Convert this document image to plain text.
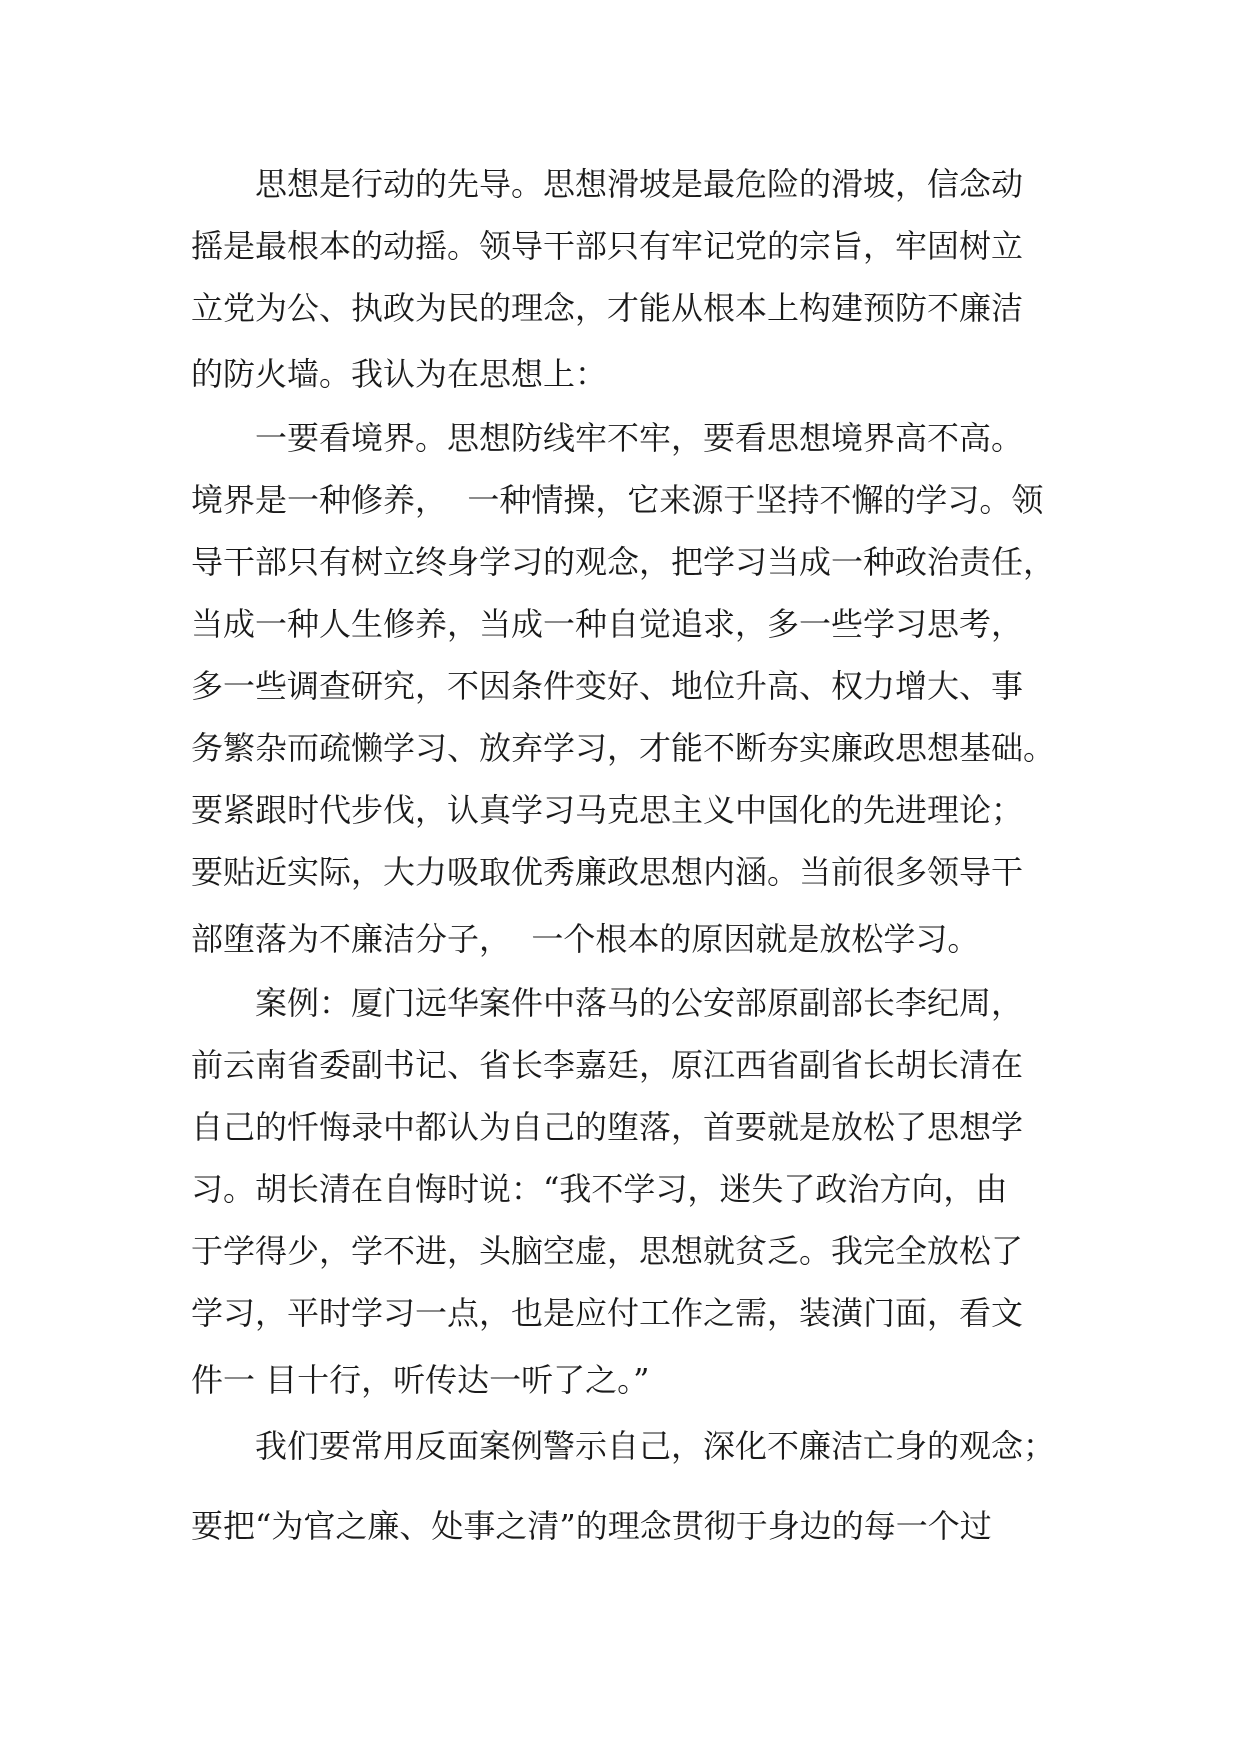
思想是行动的先导。思想滑坡是最危险的滑坡，信念动
摇是最根本的动摇。领导干部只有牢记党的宗旨，牢固树立
立党为公、执政为民的理念，才能从根本上构建预防不廉洁
的防火墙。我认为在思想上：
一要看境界。思想防线牢不牢，要看思想境界高不高。
境界是一种修养，  一种情操，它来源于坚持不懈的学习。领
导干部只有树立终身学习的观念，把学习当成一种政治责任，
当成一种人生修养，当成一种自觉追求，多一些学习思考，
多一些调查研究，不因条件变好、地位升高、权力增大、事
务繁杂而疏懒学习、放弃学习，才能不断夯实廉政思想基础。
要紧跟时代步伐，认真学习马克思主义中国化的先进理论；
要贴近实际，大力吸取优秀廉政思想内涵。当前很多领导干
部堕落为不廉洁分子，  一个根本的原因就是放松学习。
案例：厦门远华案件中落马的公安部原副部长李纪周，
前云南省委副书记、省长李嘉廷，原江西省副省长胡长清在
自己的忏悔录中都认为自己的堕落，首要就是放松了思想学
习。胡长清在自悔时说：“我不学习，迷失了政治方向，由
于学得少，学不进，头脑空虚，思想就贫乏。我完全放松了
学习，平时学习一点，也是应付工作之需，装潢门面，看文
件一 目十行，听传达一听了之。”
我们要常用反面案例警示自己，深化不廉洁亡身的观念；
要把“为官之廉、处事之清”的理念贯彻于身边的每一个过
